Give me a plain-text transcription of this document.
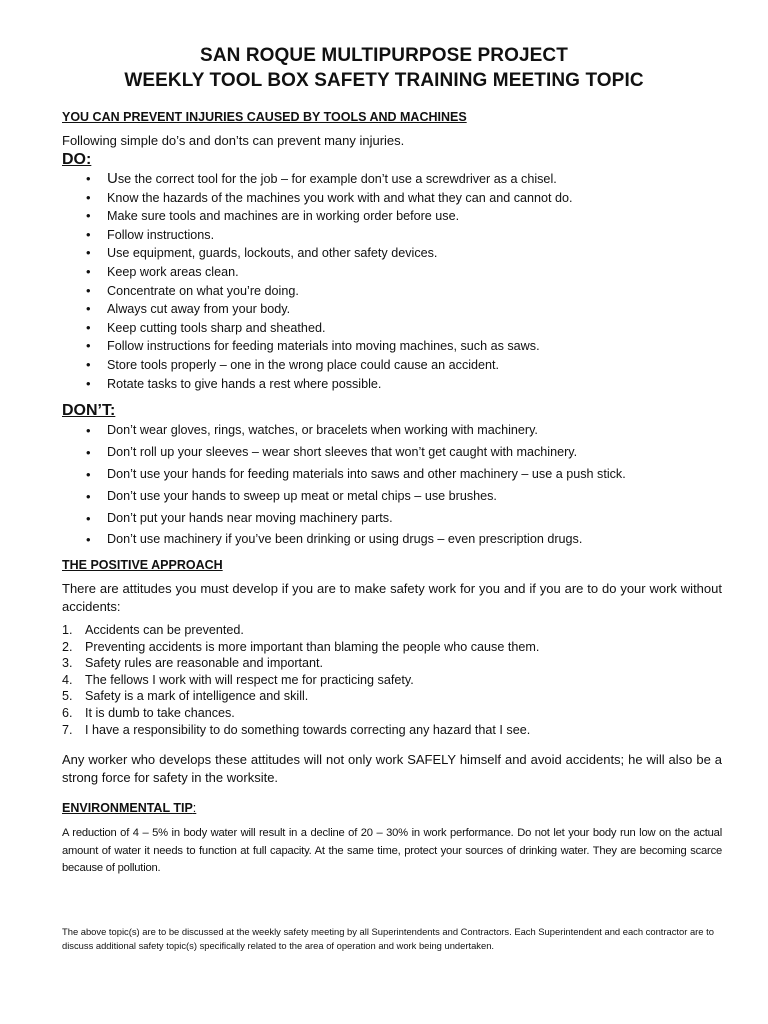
SAN ROQUE MULTIPURPOSE PROJECT
WEEKLY TOOL BOX SAFETY TRAINING MEETING TOPIC
YOU CAN PREVENT INJURIES CAUSED BY TOOLS AND MACHINES
Following simple do’s and don’ts can prevent many injuries.
DO:
• Use the correct tool for the job – for example don’t use a screwdriver as a chisel.
• Know the hazards of the machines you work with and what they can and cannot do.
• Make sure tools and machines are in working order before use.
• Follow instructions.
• Use equipment, guards, lockouts, and other safety devices.
• Keep work areas clean.
• Concentrate on what you’re doing.
• Always cut away from your body.
• Keep cutting tools sharp and sheathed.
• Follow instructions for feeding materials into moving machines, such as saws.
• Store tools properly – one in the wrong place could cause an accident.
• Rotate tasks to give hands a rest where possible.
DON’T:
• Don’t wear gloves, rings, watches, or bracelets when working with machinery.
• Don’t roll up your sleeves – wear short sleeves that won’t get caught with machinery.
• Don’t use your hands for feeding materials into saws and other machinery – use a push stick.
• Don’t use your hands to sweep up meat or metal chips – use brushes.
• Don’t put your hands near moving machinery parts.
• Don’t use machinery if you’ve been drinking or using drugs – even prescription drugs.
THE POSITIVE APPROACH
There are attitudes you must develop if you are to make safety work for you and if you are to do your work without accidents:
1. Accidents can be prevented.
2. Preventing accidents is more important than blaming the people who cause them.
3. Safety rules are reasonable and important.
4. The fellows I work with will respect me for practicing safety.
5. Safety is a mark of intelligence and skill.
6. It is dumb to take chances.
7. I have a responsibility to do something towards correcting any hazard that I see.
Any worker who develops these attitudes will not only work SAFELY himself and avoid accidents; he will also be a strong force for safety in the worksite.
ENVIRONMENTAL TIP:
A reduction of 4 – 5% in body water will result in a decline of 20 – 30% in work performance. Do not let your body run low on the actual amount of water it needs to function at full capacity. At the same time, protect your sources of drinking water. They are becoming scarce because of pollution.
The above topic(s) are to be discussed at the weekly safety meeting by all Superintendents and Contractors. Each Superintendent and each contractor are to discuss additional safety topic(s) specifically related to the area of operation and work being undertaken.
